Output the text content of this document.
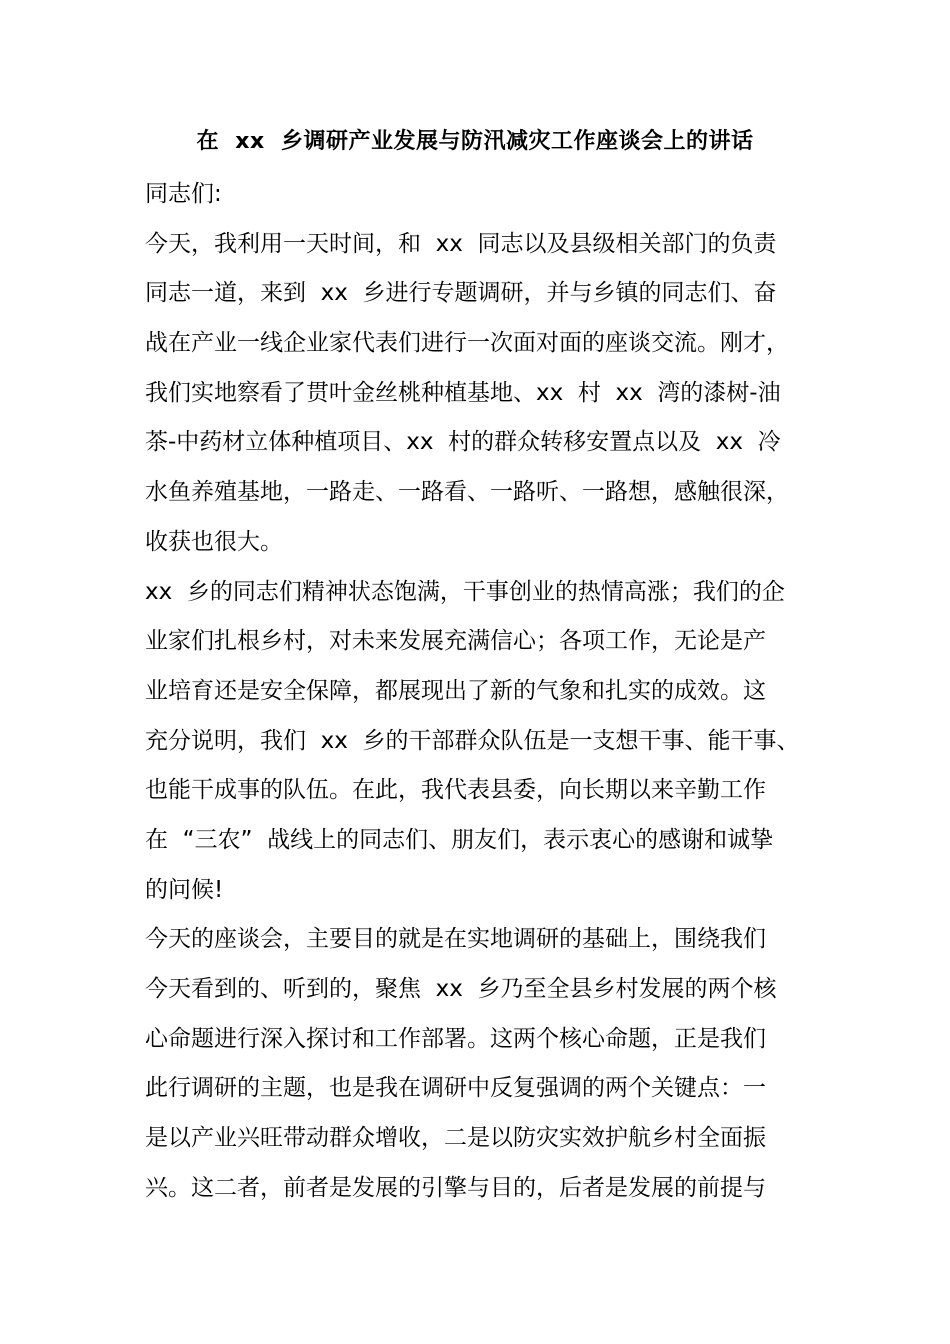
在  xx  乡调研产业发展与防汛减灾工作座谈会上的讲话
同志们:
今天，我利用一天时间，和  xx  同志以及县级相关部门的负责
同志一道，来到  xx  乡进行专题调研，并与乡镇的同志们、奋
战在产业一线企业家代表们进行一次面对面的座谈交流。刚才，
我们实地察看了贯叶金丝桃种植基地、xx  村  xx  湾的漆树-油
茶-中药材立体种植项目、xx  村的群众转移安置点以及  xx  冷
水鱼养殖基地，一路走、一路看、一路听、一路想，感触很深，
收获也很大。
xx  乡的同志们精神状态饱满，干事创业的热情高涨；我们的企
业家们扎根乡村，对未来发展充满信心；各项工作，无论是产
业培育还是安全保障，都展现出了新的气象和扎实的成效。这
充分说明，我们  xx  乡的干部群众队伍是一支想干事、能干事、
也能干成事的队伍。在此，我代表县委，向长期以来辛勤工作
在  “三农”  战线上的同志们、朋友们，表示衷心的感谢和诚挚
的问候!
今天的座谈会，主要目的就是在实地调研的基础上，围绕我们
今天看到的、听到的，聚焦  xx  乡乃至全县乡村发展的两个核
心命题进行深入探讨和工作部署。这两个核心命题，正是我们
此行调研的主题，也是我在调研中反复强调的两个关键点：一
是以产业兴旺带动群众增收，二是以防灾实效护航乡村全面振
兴。这二者，前者是发展的引擎与目的，后者是发展的前提与
